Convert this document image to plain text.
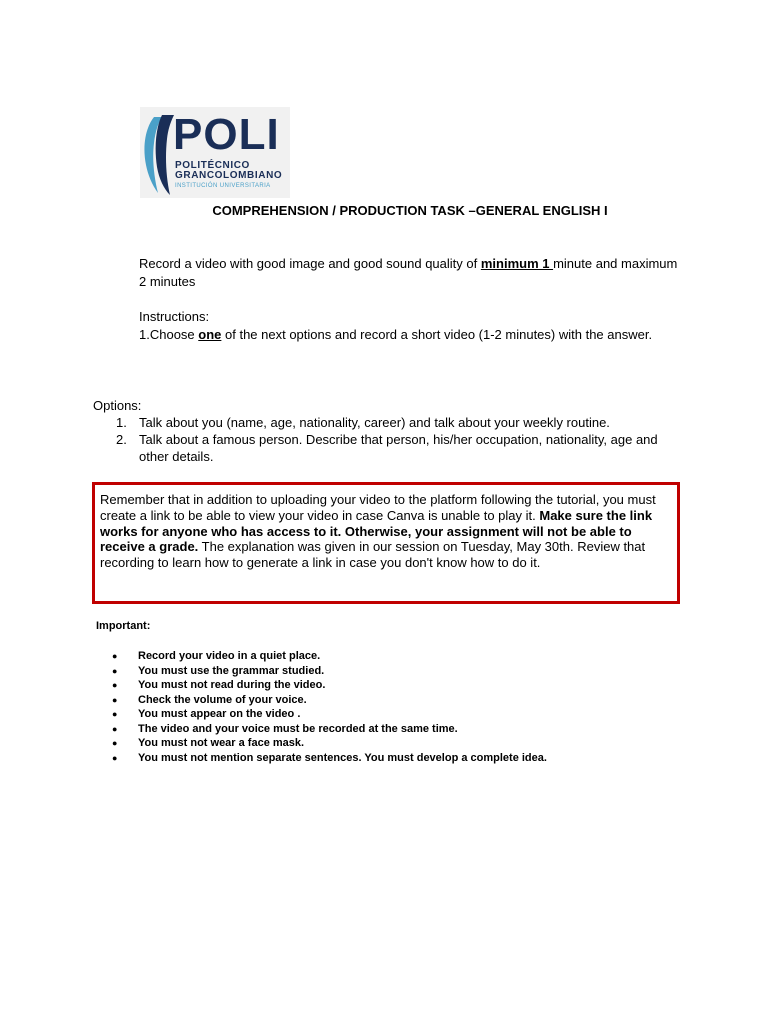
POLI
POLITÉCNICO
GRANCOLOMBIANO
INSTITUCIÓN UNIVERSITARIA
COMPREHENSION / PRODUCTION TASK –GENERAL ENGLISH I
Record a video with good image and good sound quality of minimum 1 minute and maximum 2 minutes
Instructions:
1.Choose one of the next options and record a short video (1-2 minutes) with the answer.
Options:
1. Talk about you (name, age, nationality, career) and talk about your weekly routine.
2. Talk about a famous person. Describe that person, his/her occupation, nationality, age and other details.
Remember that in addition to uploading your video to the platform following the tutorial, you must create a link to be able to view your video in case Canva is unable to play it. Make sure the link works for anyone who has access to it. Otherwise, your assignment will not be able to receive a grade. The explanation was given in our session on Tuesday, May 30th. Review that recording to learn how to generate a link in case you don't know how to do it.
Important:
● Record your video in a quiet place.
● You must use the grammar studied.
● You must not read during the video.
● Check the volume of your voice.
● You must appear on the video .
● The video and your voice must be recorded at the same time.
● You must not wear a face mask.
● You must not mention separate sentences. You must develop a complete idea.
